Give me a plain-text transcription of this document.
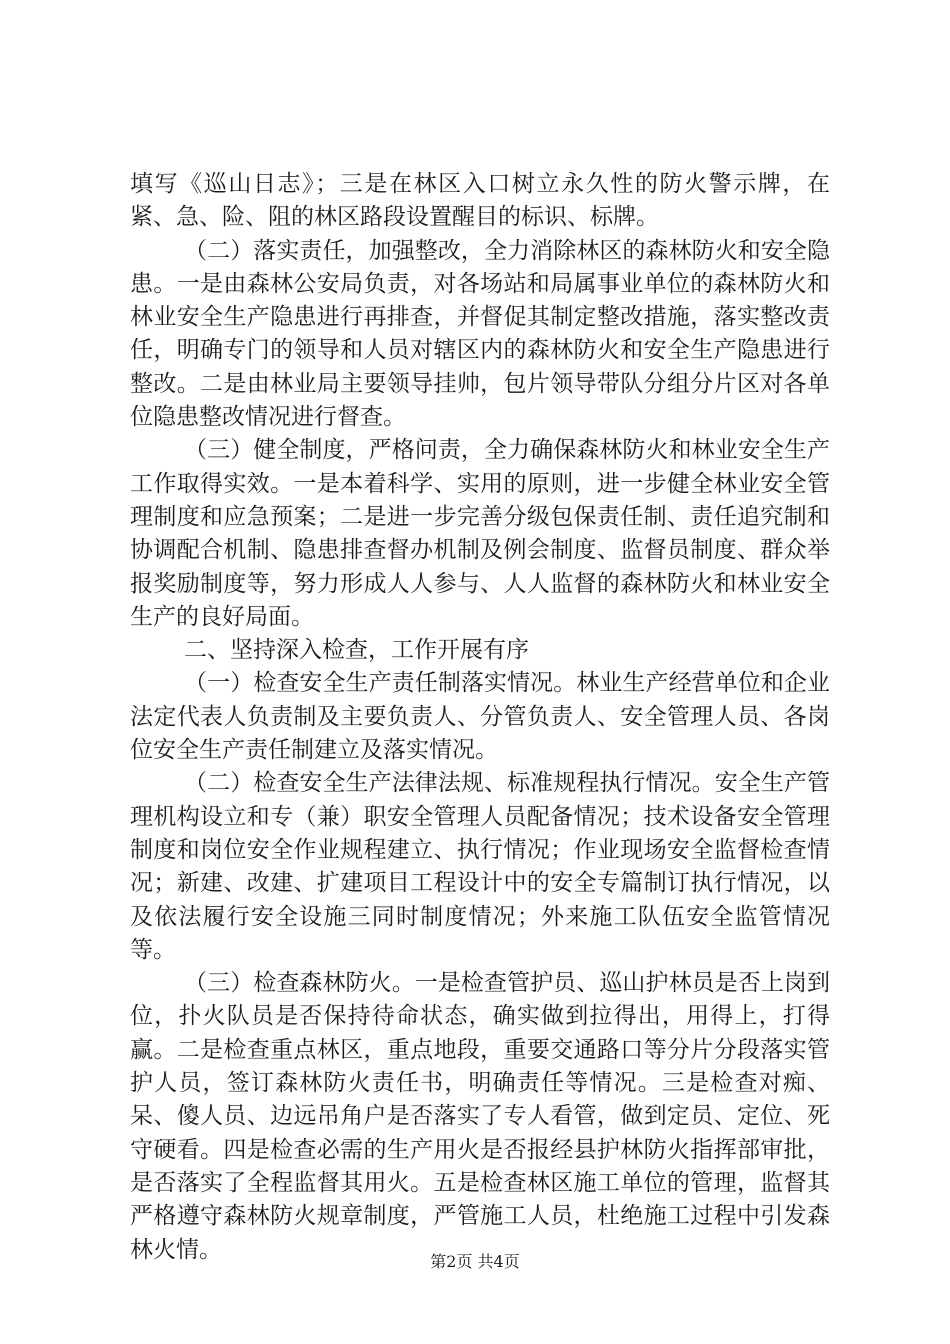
填写《巡山日志》；三是在林区入口树立永久性的防火警示牌，在紧、急、险、阻的林区路段设置醒目的标识、标牌。

（二）落实责任，加强整改，全力消除林区的森林防火和安全隐患。一是由森林公安局负责，对各场站和局属事业单位的森林防火和林业安全生产隐患进行再排查，并督促其制定整改措施，落实整改责任，明确专门的领导和人员对辖区内的森林防火和安全生产隐患进行整改。二是由林业局主要领导挂帅，包片领导带队分组分片区对各单位隐患整改情况进行督查。

（三）健全制度，严格问责，全力确保森林防火和林业安全生产工作取得实效。一是本着科学、实用的原则，进一步健全林业安全管理制度和应急预案；二是进一步完善分级包保责任制、责任追究制和协调配合机制、隐患排查督办机制及例会制度、监督员制度、群众举报奖励制度等，努力形成人人参与、人人监督的森林防火和林业安全生产的良好局面。

二、坚持深入检查，工作开展有序

（一）检查安全生产责任制落实情况。林业生产经营单位和企业法定代表人负责制及主要负责人、分管负责人、安全管理人员、各岗位安全生产责任制建立及落实情况。

（二）检查安全生产法律法规、标准规程执行情况。安全生产管理机构设立和专（兼）职安全管理人员配备情况；技术设备安全管理制度和岗位安全作业规程建立、执行情况；作业现场安全监督检查情况；新建、改建、扩建项目工程设计中的安全专篇制订执行情况，以及依法履行安全设施三同时制度情况；外来施工队伍安全监管情况等。

（三）检查森林防火。一是检查管护员、巡山护林员是否上岗到位，扑火队员是否保持待命状态，确实做到拉得出，用得上，打得赢。二是检查重点林区，重点地段，重要交通路口等分片分段落实管护人员，签订森林防火责任书，明确责任等情况。三是检查对痴、呆、傻人员、边远吊角户是否落实了专人看管，做到定员、定位、死守硬看。四是检查必需的生产用火是否报经县护林防火指挥部审批，是否落实了全程监督其用火。五是检查林区施工单位的管理，监督其严格遵守森林防火规章制度，严管施工人员，杜绝施工过程中引发森林火情。	第2页 共4页
